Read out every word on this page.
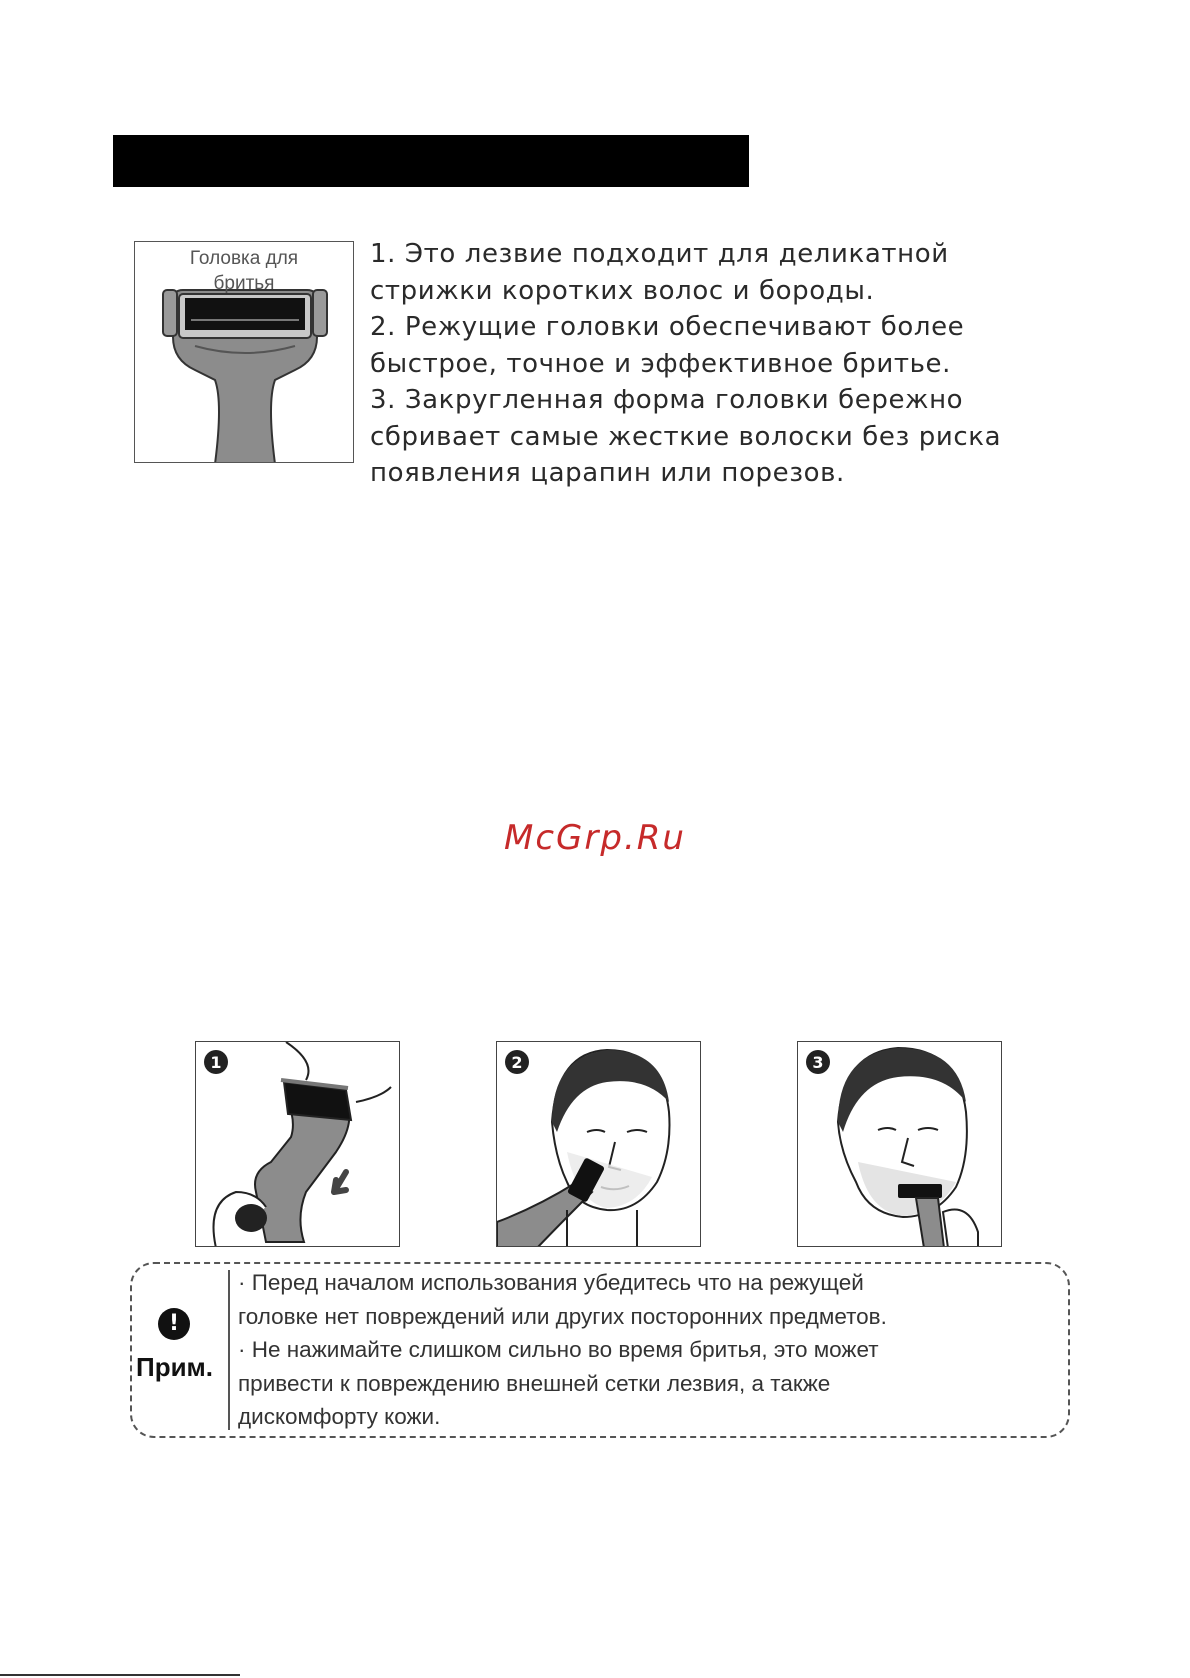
Головка для
бритья
1. Это лезвие подходит для деликатной
стрижки коротких волос и бороды.
2. Режущие головки обеспечивают более
быстрое, точное и эффективное бритье.
3. Закругленная форма головки бережно
сбривает самые жесткие волоски без риска
появления царапин или порезов.
McGrp.Ru
1	2	3
!
Прим.
· Перед началом использования убедитесь что на режущей
головке нет повреждений или других посторонних предметов.
· Не нажимайте слишком сильно во время бритья, это может
привести к повреждению внешней сетки лезвия, а также
дискомфорту кожи.
